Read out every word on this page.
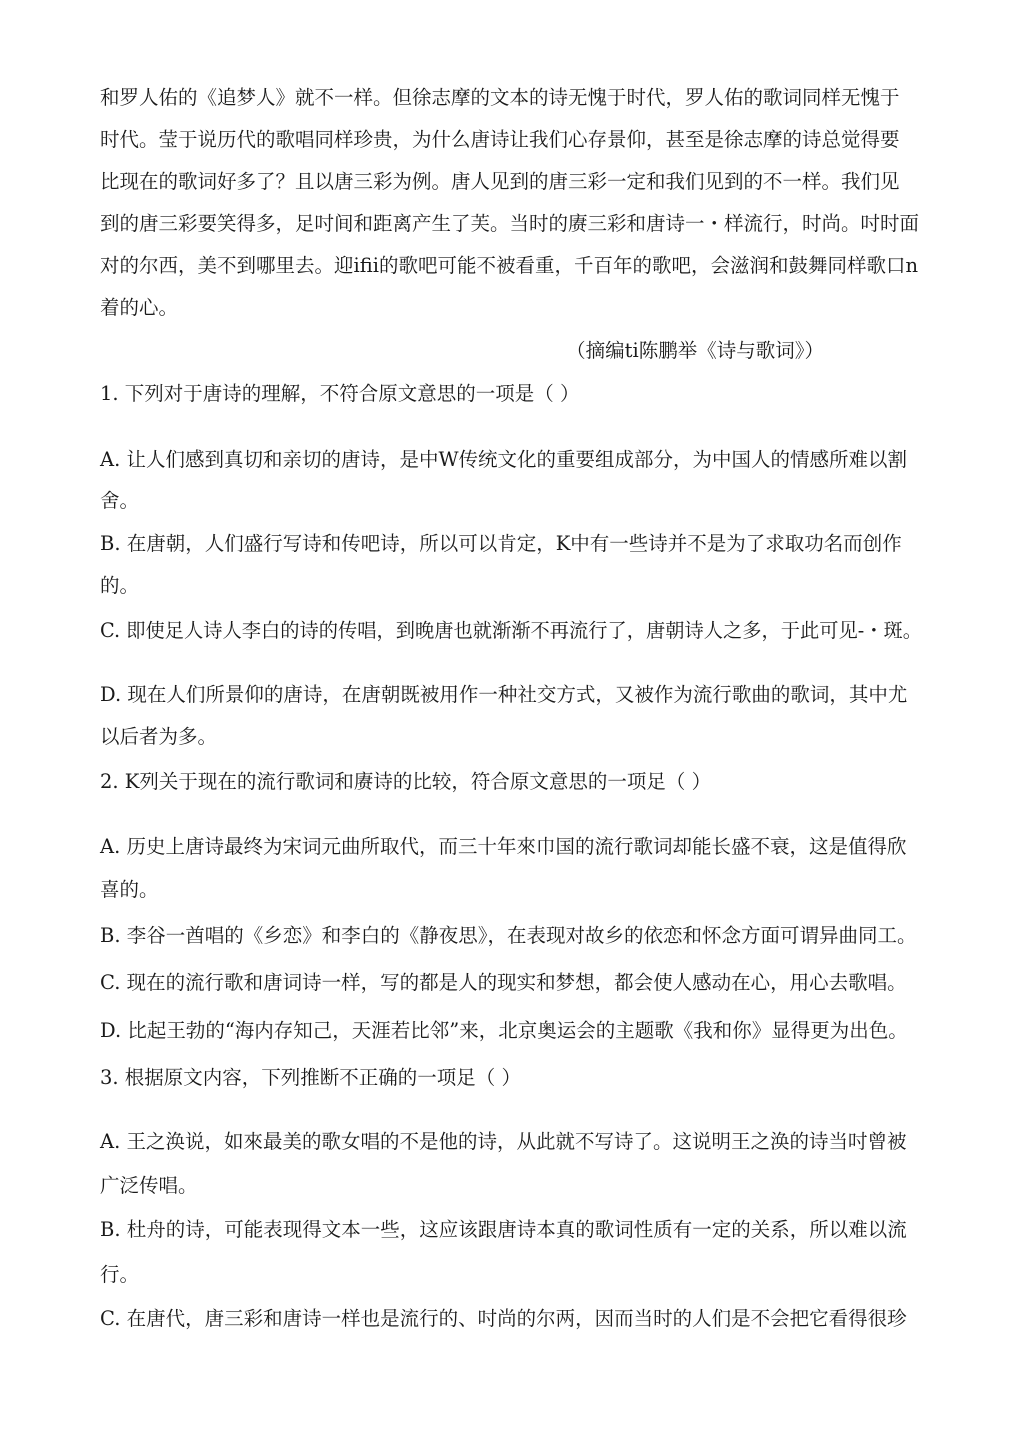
和罗人佑的《追梦人》就不一样。但徐志摩的文本的诗无愧于时代，罗人佑的歌词同样无愧于
时代。莹于说历代的歌唱同样珍贵，为什么唐诗让我们心存景仰，甚至是徐志摩的诗总觉得要
比现在的歌词好多了？且以唐三彩为例。唐人见到的唐三彩一定和我们见到的不一样。我们见
到的唐三彩要笑得多，足吋间和距离产生了芙。当时的赓三彩和唐诗一・样流行，时尚。吋时面
对的尔西，美不到哪里去。迎ifii的歌吧可能不被看重，千百年的歌吧，会滋润和鼓舞同样歌口n
着的心。
（摘编ti陈鹏举《诗与歌词》）
1. 下列对于唐诗的理解，不符合原文意思的一项是（ ）
A. 让人们感到真切和亲切的唐诗，是中W传统文化的重要组成部分，为中国人的情感所难以割
舍。
B. 在唐朝，人们盛行写诗和传吧诗，所以可以肯定，K中有一些诗并不是为了求取功名而创作
的。
C. 即使足人诗人李白的诗的传唱，到晚唐也就渐渐不再流行了，唐朝诗人之多，于此可见-・斑。
D. 现在人们所景仰的唐诗，在唐朝既被用作一种社交方式，又被作为流行歌曲的歌词，其中尤
以后者为多。
2. K列关于现在的流行歌词和赓诗的比较，符合原文意思的一项足（ ）
A. 历史上唐诗最终为宋词元曲所取代，而三十年來巾国的流行歌词却能长盛不衰，这是值得欣
喜的。
B. 李谷一酋唱的《乡恋》和李白的《静夜思》，在表现对故乡的依恋和怀念方面可谓异曲同工。
C. 现在的流行歌和唐词诗一样，写的都是人的现实和梦想，都会使人感动在心，用心去歌唱。
D. 比起王勃的“海内存知己，天涯若比邻”来，北京奥运会的主题歌《我和你》显得更为出色。
3. 根据原文内容，下列推断不正确的一项足（ ）
A. 王之涣说，如來最美的歌女唱的不是他的诗，从此就不写诗了。这说明王之涣的诗当吋曾被
广泛传唱。
B. 杜舟的诗，可能表现得文本一些，这应该跟唐诗本真的歌词性质有一定的关系，所以难以流
行。
C. 在唐代，唐三彩和唐诗一样也是流行的、吋尚的尔两，因而当时的人们是不会把它看得很珍
